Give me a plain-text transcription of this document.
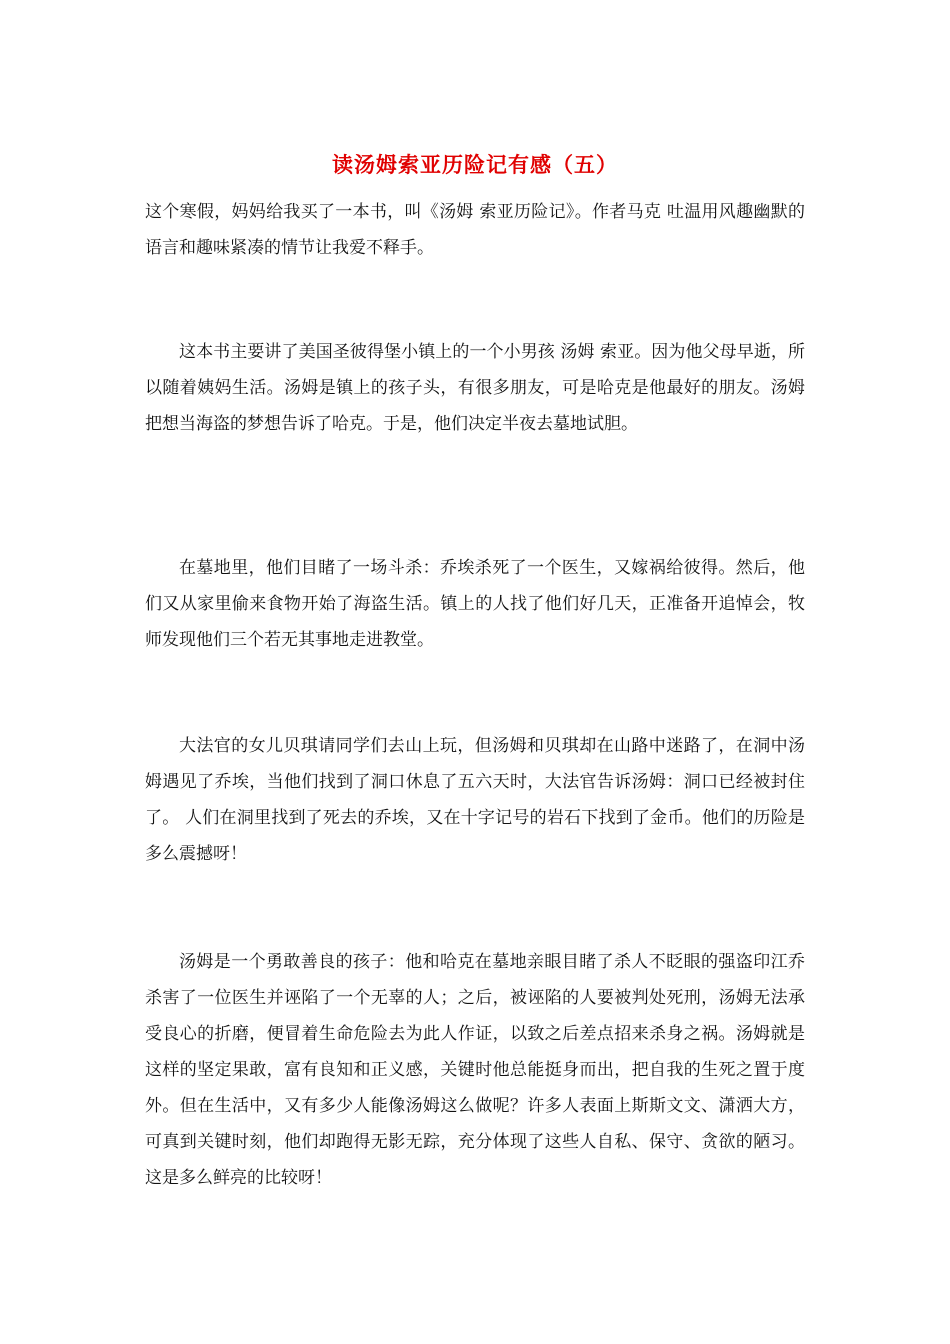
读汤姆索亚历险记有感（五）

这个寒假，妈妈给我买了一本书，叫《汤姆 索亚历险记》。作者马克 吐温用风趣幽默的语言和趣味紧凑的情节让我爱不释手。

这本书主要讲了美国圣彼得堡小镇上的一个小男孩 汤姆 索亚。因为他父母早逝，所以随着姨妈生活。汤姆是镇上的孩子头，有很多朋友，可是哈克是他最好的朋友。汤姆把想当海盗的梦想告诉了哈克。于是，他们决定半夜去墓地试胆。

在墓地里，他们目睹了一场斗杀：乔埃杀死了一个医生，又嫁祸给彼得。然后，他们又从家里偷来食物开始了海盗生活。镇上的人找了他们好几天，正准备开追悼会，牧师发现他们三个若无其事地走进教堂。

大法官的女儿贝琪请同学们去山上玩，但汤姆和贝琪却在山路中迷路了，在洞中汤姆遇见了乔埃，当他们找到了洞口休息了五六天时，大法官告诉汤姆：洞口已经被封住了。 人们在洞里找到了死去的乔埃，又在十字记号的岩石下找到了金币。他们的历险是多么震撼呀！

汤姆是一个勇敢善良的孩子：他和哈克在墓地亲眼目睹了杀人不眨眼的强盗印江乔杀害了一位医生并诬陷了一个无辜的人；之后，被诬陷的人要被判处死刑，汤姆无法承受良心的折磨，便冒着生命危险去为此人作证，以致之后差点招来杀身之祸。汤姆就是这样的坚定果敢，富有良知和正义感，关键时他总能挺身而出，把自我的生死之置于度外。但在生活中，又有多少人能像汤姆这么做呢？许多人表面上斯斯文文、潇洒大方，可真到关键时刻，他们却跑得无影无踪，充分体现了这些人自私、保守、贪欲的陋习。这是多么鲜亮的比较呀！
